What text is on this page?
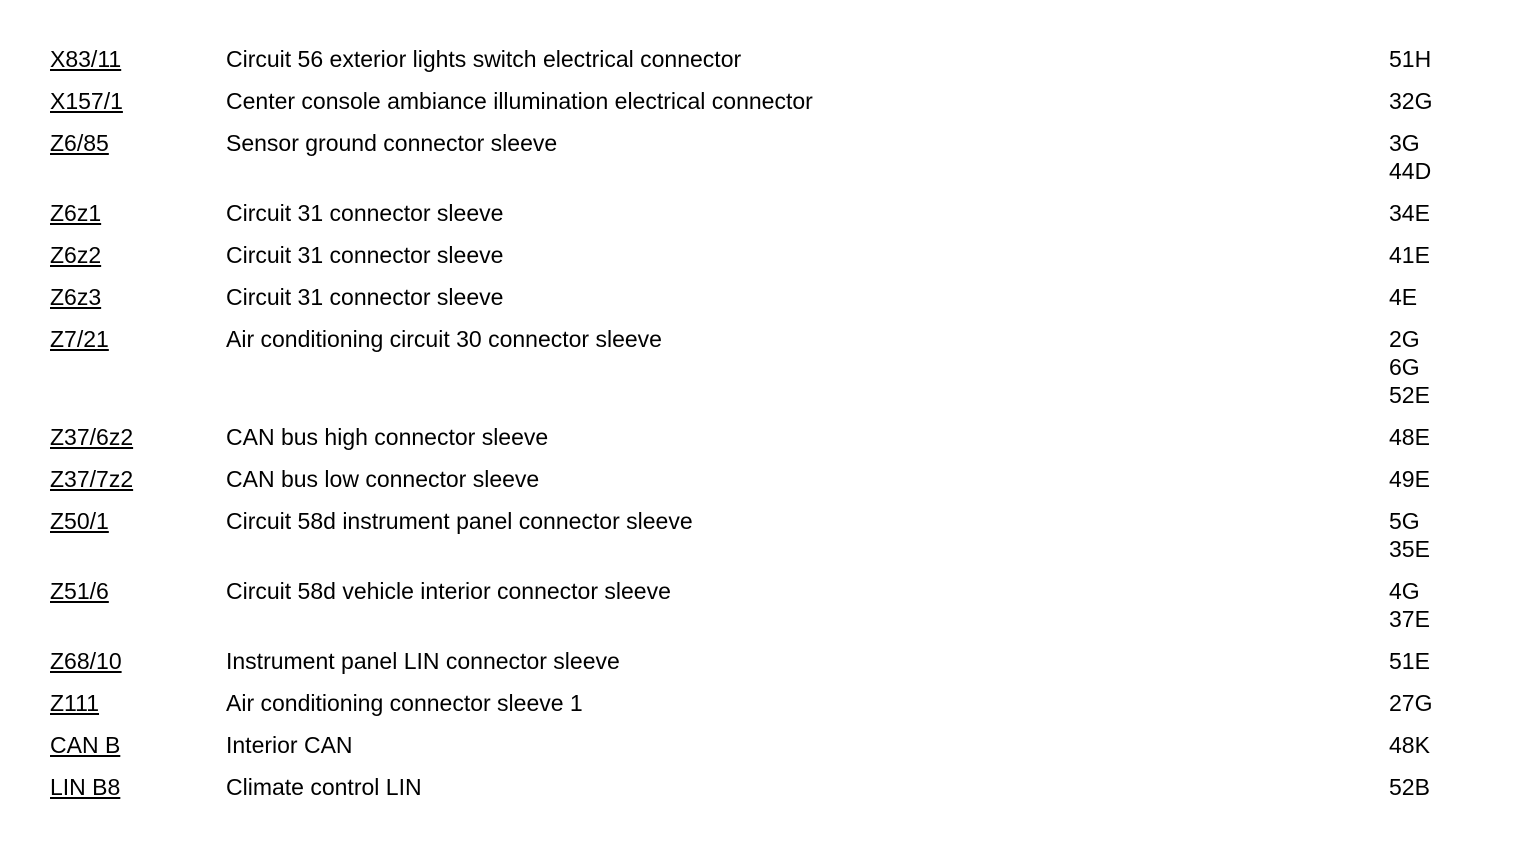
X83/11	Circuit 56 exterior lights switch electrical connector	51H
X157/1	Center console ambiance illumination electrical connector	32G
Z6/85	Sensor ground connector sleeve	3G
44D
Z6z1	Circuit 31 connector sleeve	34E
Z6z2	Circuit 31 connector sleeve	41E
Z6z3	Circuit 31 connector sleeve	4E
Z7/21	Air conditioning circuit 30 connector sleeve	2G
6G
52E
Z37/6z2	CAN bus high connector sleeve	48E
Z37/7z2	CAN bus low connector sleeve	49E
Z50/1	Circuit 58d instrument panel connector sleeve	5G
35E
Z51/6	Circuit 58d vehicle interior connector sleeve	4G
37E
Z68/10	Instrument panel LIN connector sleeve	51E
Z111	Air conditioning connector sleeve 1	27G
CAN B	Interior CAN	48K
LIN B8	Climate control LIN	52B
